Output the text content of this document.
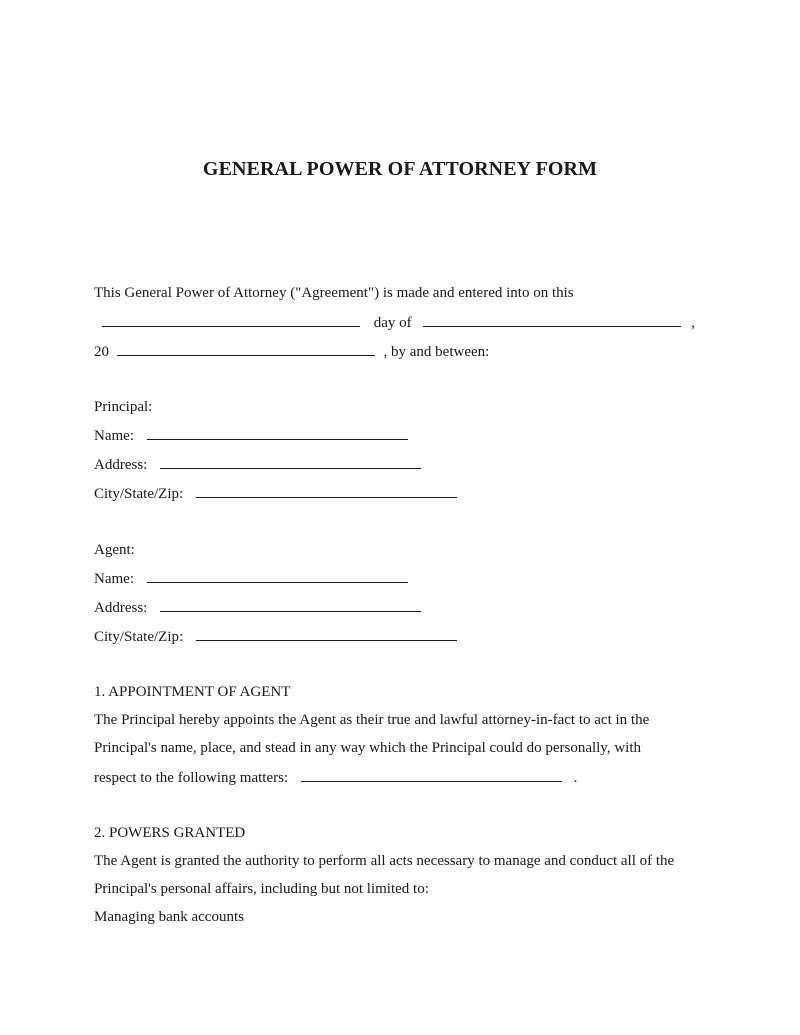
GENERAL POWER OF ATTORNEY FORM
This General Power of Attorney ("Agreement") is made and entered into on this
day of	,
20	, by and between:
Principal:
Name:
Address:
City/State/Zip:
Agent:
Name:
Address:
City/State/Zip:
1. APPOINTMENT OF AGENT
The Principal hereby appoints the Agent as their true and lawful attorney-in-fact to act in the
Principal's name, place, and stead in any way which the Principal could do personally, with
respect to the following matters:	.
2. POWERS GRANTED
The Agent is granted the authority to perform all acts necessary to manage and conduct all of the
Principal's personal affairs, including but not limited to:
Managing bank accounts
